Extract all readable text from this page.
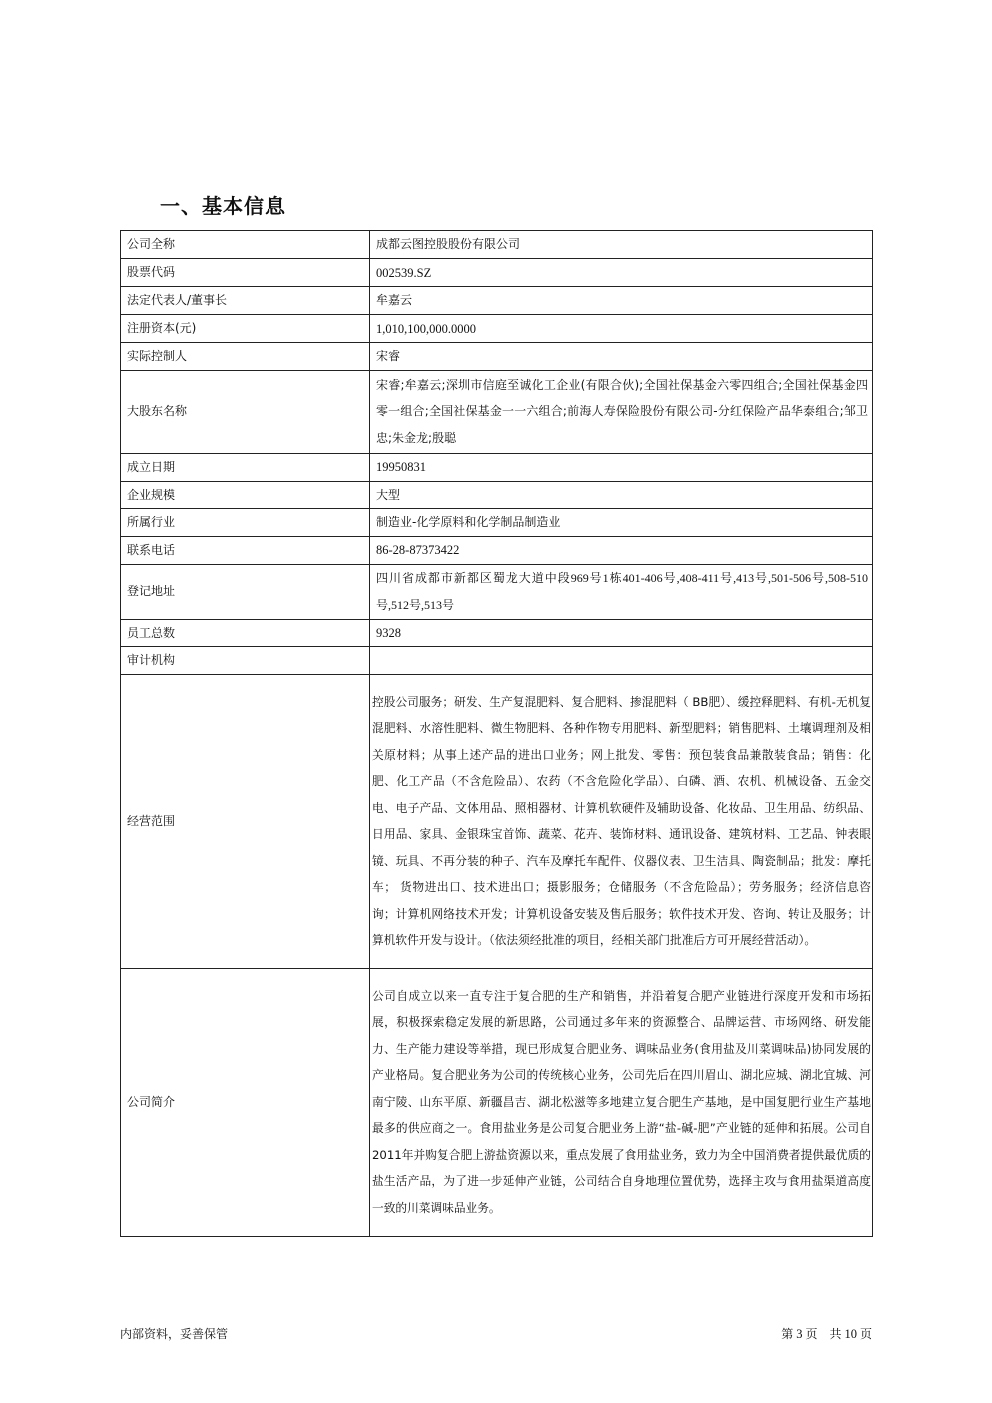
一、基本信息
公司全称	成都云图控股股份有限公司
股票代码	002539.SZ
法定代表人/董事长	牟嘉云
注册资本(元)	1,010,100,000.0000
实际控制人	宋睿
大股东名称	宋睿;牟嘉云;深圳市信庭至诚化工企业(有限合伙);全国社保基金六零四组合;全国社保基金四零一组合;全国社保基金一一六组合;前海人寿保险股份有限公司-分红保险产品华泰组合;邹卫忠;朱金龙;殷聪
成立日期	19950831
企业规模	大型
所属行业	制造业-化学原料和化学制品制造业
联系电话	86-28-87373422
登记地址	四川省成都市新都区蜀龙大道中段969号1栋401-406号,408-411号,413号,501-506号,508-510号,512号,513号
员工总数	9328
审计机构	
经营范围	控股公司服务；研发、生产复混肥料、复合肥料、掺混肥料（ BB肥）、缓控释肥料、有机-无机复混肥料、水溶性肥料、微生物肥料、各种作物专用肥料、新型肥料；销售肥料、土壤调理剂及相关原材料；从事上述产品的进出口业务；网上批发、零售：预包装食品兼散装食品；销售：化肥、化工产品（不含危险品）、农药（不含危险化学品）、白磷、酒、农机、机械设备、五金交电、电子产品、文体用品、照相器材、计算机软硬件及辅助设备、化妆品、卫生用品、纺织品、日用品、家具、金银珠宝首饰、蔬菜、花卉、装饰材料、通讯设备、建筑材料、工艺品、钟表眼镜、玩具、不再分装的种子、汽车及摩托车配件、仪器仪表、卫生洁具、陶瓷制品；批发：摩托车； 货物进出口、技术进出口；摄影服务；仓储服务（不含危险品）；劳务服务；经济信息咨询；计算机网络技术开发；计算机设备安装及售后服务；软件技术开发、咨询、转让及服务；计算机软件开发与设计。（依法须经批准的项目，经相关部门批准后方可开展经营活动）。
公司简介	公司自成立以来一直专注于复合肥的生产和销售，并沿着复合肥产业链进行深度开发和市场拓展，积极探索稳定发展的新思路，公司通过多年来的资源整合、品牌运营、市场网络、研发能力、生产能力建设等举措，现已形成复合肥业务、调味品业务(食用盐及川菜调味品)协同发展的产业格局。复合肥业务为公司的传统核心业务，公司先后在四川眉山、湖北应城、湖北宜城、河南宁陵、山东平原、新疆昌吉、湖北松滋等多地建立复合肥生产基地，是中国复肥行业生产基地最多的供应商之一。食用盐业务是公司复合肥业务上游“盐-碱-肥”产业链的延伸和拓展。公司自2011年并购复合肥上游盐资源以来，重点发展了食用盐业务，致力为全中国消费者提供最优质的盐生活产品，为了进一步延伸产业链，公司结合自身地理位置优势，选择主攻与食用盐渠道高度一致的川菜调味品业务。
内部资料，妥善保管	第 3 页　共 10 页
